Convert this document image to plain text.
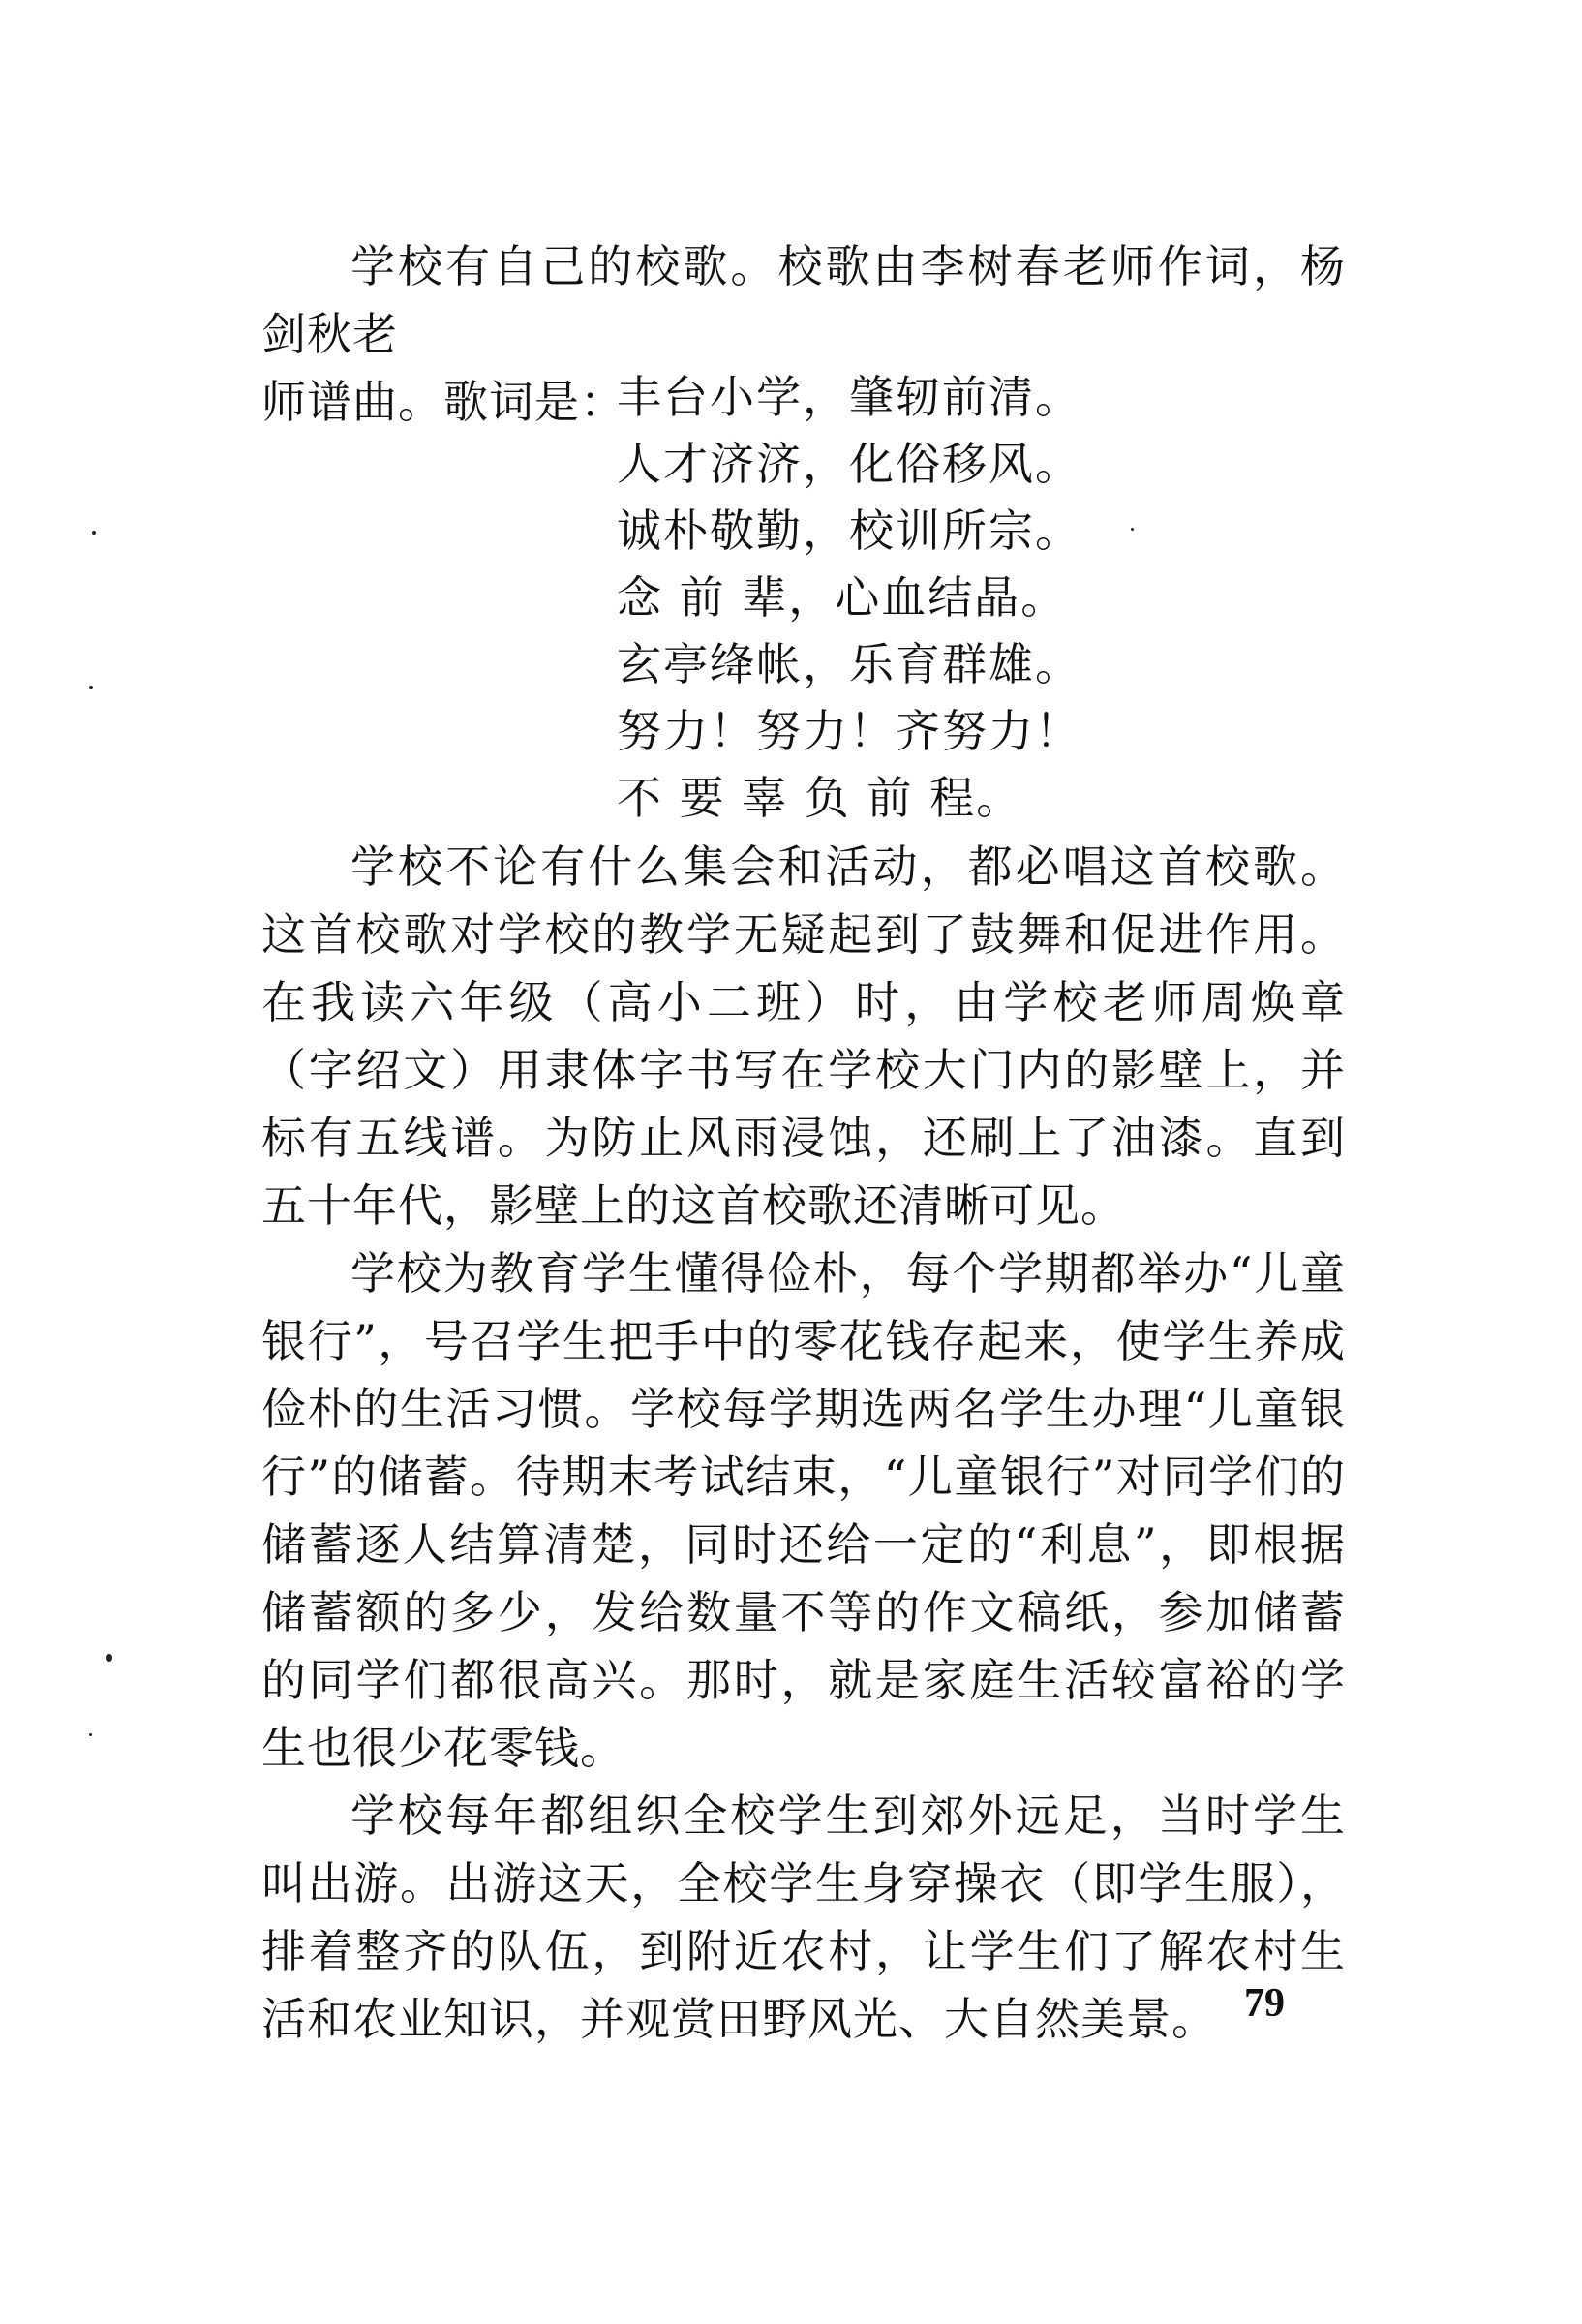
学校有自己的校歌。校歌由李树春老师作词，杨剑秋老

师谱曲。歌词是：

丰台小学，肇轫前清。
人才济济，化俗移风。
诚朴敬勤，校训所宗。
念 前 辈，心血结晶。
玄亭绛帐，乐育群雄。
努力！努力！齐努力！
不 要 辜 负 前 程。

学校不论有什么集会和活动，都必唱这首校歌。这首校歌对学校的教学无疑起到了鼓舞和促进作用。在我读六年级（高小二班）时，由学校老师周焕章（字绍文）用隶体字书写在学校大门内的影壁上，并标有五线谱。为防止风雨浸蚀，还刷上了油漆。直到五十年代，影壁上的这首校歌还清晰可见。

学校为教育学生懂得俭朴，每个学期都举办“儿童银行”，号召学生把手中的零花钱存起来，使学生养成俭朴的生活习惯。学校每学期选两名学生办理“儿童银行”的储蓄。待期末考试结束，“儿童银行”对同学们的储蓄逐人结算清楚，同时还给一定的“利息”，即根据储蓄额的多少，发给数量不等的作文稿纸，参加储蓄的同学们都很高兴。那时，就是家庭生活较富裕的学生也很少花零钱。

学校每年都组织全校学生到郊外远足，当时学生叫出游。出游这天，全校学生身穿操衣（即学生服），排着整齐的队伍，到附近农村，让学生们了解农村生活和农业知识，并观赏田野风光、大自然美景。 79
